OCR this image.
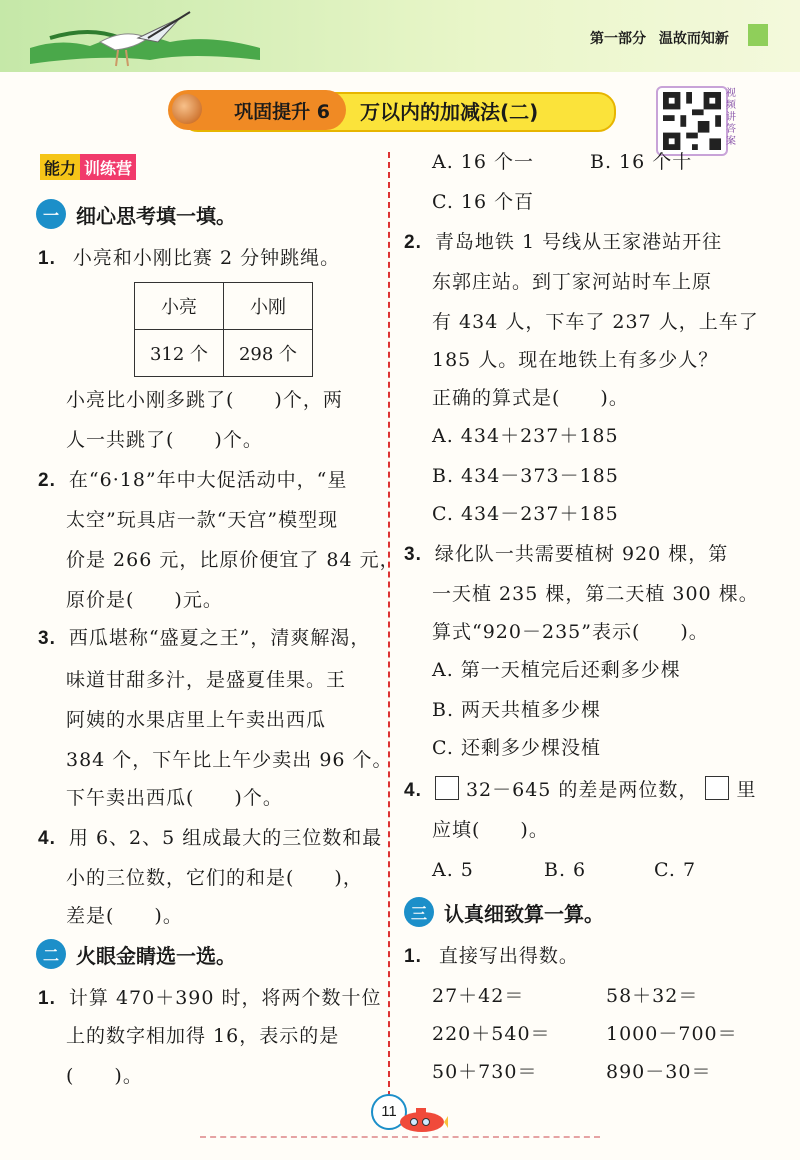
第一部分 温故而知新
巩固提升 6 万以内的加减法(二)
视频讲答案
能力 训练营
一 细心思考填一填。
1. 小亮和小刚比赛 2 分钟跳绳。
小亮	小刚
312 个	298 个
小亮比小刚多跳了(　　)个，两
人一共跳了(　　)个。
2. 在“6·18”年中大促活动中，“星
太空”玩具店一款“天宫”模型现
价是 266 元，比原价便宜了 84 元，
原价是(　　)元。
3. 西瓜堪称“盛夏之王”，清爽解渴，
味道甘甜多汁，是盛夏佳果。王
阿姨的水果店里上午卖出西瓜
384 个，下午比上午少卖出 96 个。
下午卖出西瓜(　　)个。
4. 用 6、2、5 组成最大的三位数和最
小的三位数，它们的和是(　　)，
差是(　　)。
二 火眼金睛选一选。
1. 计算 470＋390 时，将两个数十位
上的数字相加得 16，表示的是
(　　)。
A. 16 个一	B. 16 个十
C. 16 个百
2. 青岛地铁 1 号线从王家港站开往
东郭庄站。到丁家河站时车上原
有 434 人，下车了 237 人，上车了
185 人。现在地铁上有多少人？
正确的算式是(　　)。
A. 434＋237＋185
B. 434－373－185
C. 434－237＋185
3. 绿化队一共需要植树 920 棵，第
一天植 235 棵，第二天植 300 棵。
算式“920－235”表示(　　)。
A. 第一天植完后还剩多少棵
B. 两天共植多少棵
C. 还剩多少棵没植
4. 32－645 的差是两位数， 里
应填(　　)。
A. 5	B. 6	C. 7
三 认真细致算一算。
1. 直接写出得数。
27＋42＝	58＋32＝
220＋540＝	1000－700＝
50＋730＝	890－30＝
11
